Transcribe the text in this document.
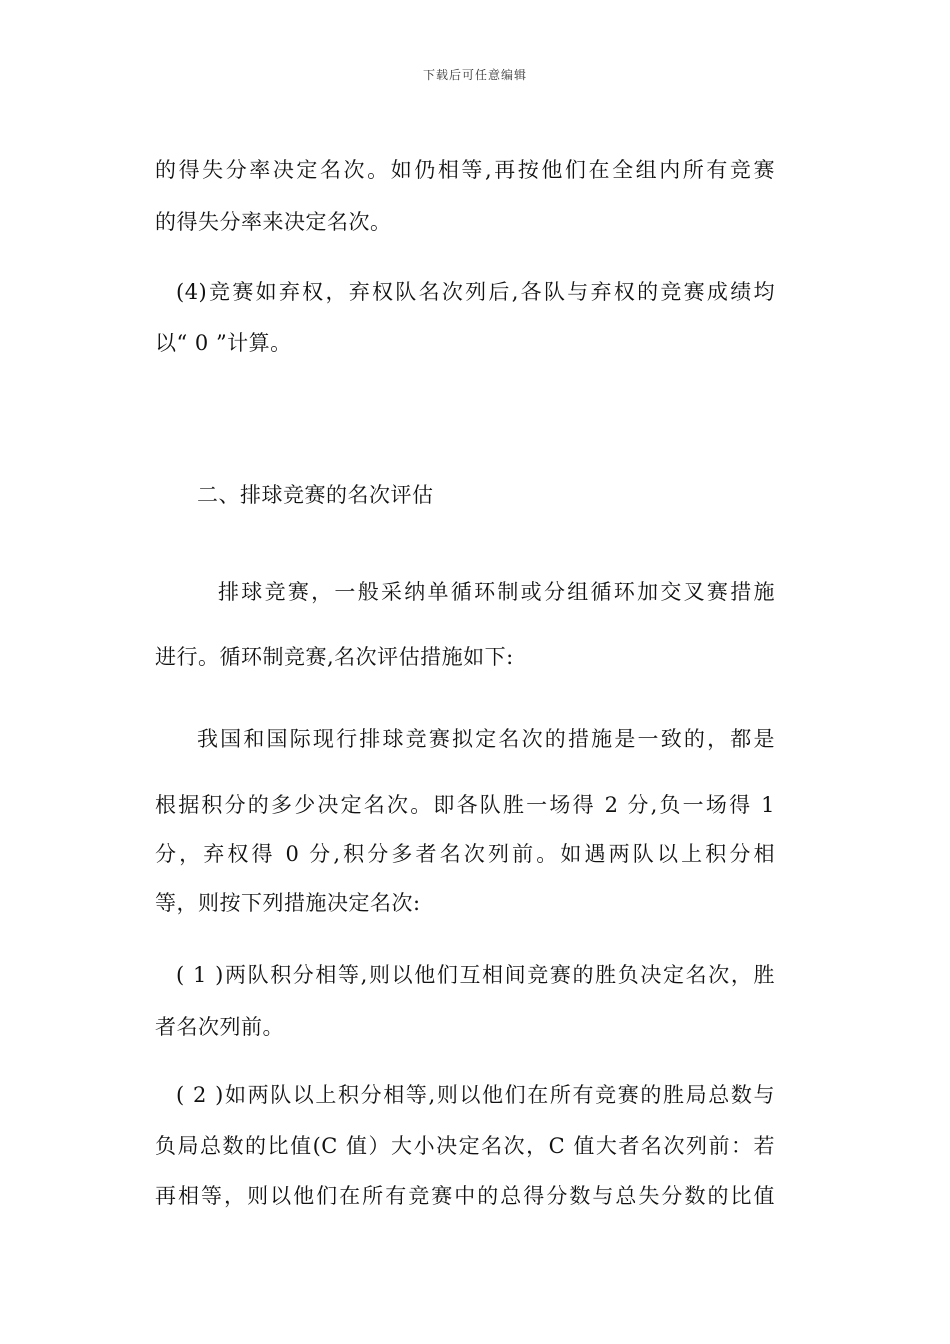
下载后可任意编辑
的得失分率决定名次。如仍相等,再按他们在全组内所有竞赛
的得失分率来决定名次。
(4)竞赛如弃权，弃权队名次列后,各队与弃权的竞赛成绩均
以“ 0 ”计算。
二、排球竞赛的名次评估
排球竞赛，一般采纳单循环制或分组循环加交叉赛措施
进行。循环制竞赛,名次评估措施如下:
我国和国际现行排球竞赛拟定名次的措施是一致的，都是
根据积分的多少决定名次。即各队胜一场得 2 分,负一场得 1
分，弃权得 0 分,积分多者名次列前。如遇两队以上积分相
等，则按下列措施决定名次:
( 1 )两队积分相等,则以他们互相间竞赛的胜负决定名次，胜
者名次列前。
( 2 )如两队以上积分相等,则以他们在所有竞赛的胜局总数与
负局总数的比值(C 值）大小决定名次，C 值大者名次列前：若
再相等，则以他们在所有竞赛中的总得分数与总失分数的比值
